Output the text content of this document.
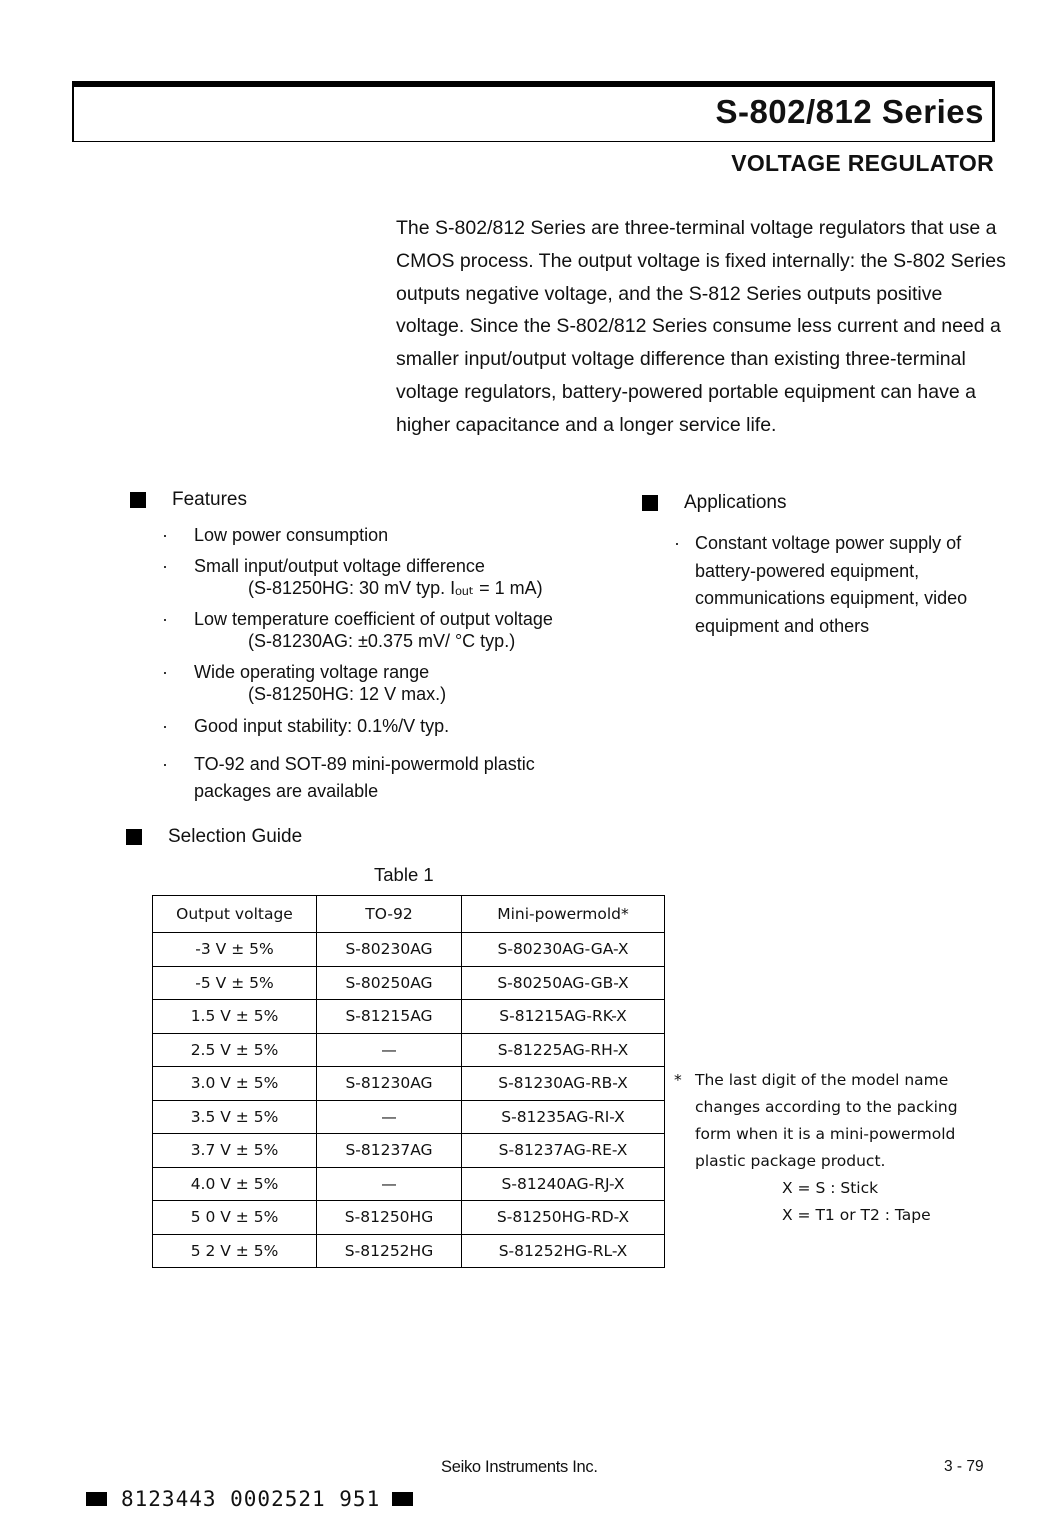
S-802/812 Series
VOLTAGE REGULATOR
The S-802/812 Series are three-terminal voltage regulators that use a CMOS process. The output voltage is fixed internally: the S-802 Series outputs negative voltage, and the S-812 Series outputs positive voltage. Since the S-802/812 Series consume less current and need a smaller input/output voltage difference than existing three-terminal voltage regulators, battery-powered portable equipment can have a higher capacitance and a longer service life.
Features
· Low power consumption
· Small input/output voltage difference
(S-81250HG: 30 mV typ. Iₒᵤₜ = 1 mA)
· Low temperature coefficient of output voltage
(S-81230AG: ±0.375 mV/ °C typ.)
· Wide operating voltage range
(S-81250HG: 12 V max.)
· Good input stability: 0.1%/V typ.
· TO-92 and SOT-89 mini-powermold plastic packages are available
Applications
· Constant voltage power supply of battery-powered equipment, communications equipment, video equipment and others
Selection Guide
Table 1
Output voltage	TO-92	Mini-powermold*
-3 V ± 5%	S-80230AG	S-80230AG-GA-X
-5 V ± 5%	S-80250AG	S-80250AG-GB-X
1.5 V ± 5%	S-81215AG	S-81215AG-RK-X
2.5 V ± 5%	—	S-81225AG-RH-X
3.0 V ± 5%	S-81230AG	S-81230AG-RB-X
3.5 V ± 5%	—	S-81235AG-RI-X
3.7 V ± 5%	S-81237AG	S-81237AG-RE-X
4.0 V ± 5%	—	S-81240AG-RJ-X
5 0 V ± 5%	S-81250HG	S-81250HG-RD-X
5 2 V ± 5%	S-81252HG	S-81252HG-RL-X
* The last digit of the model name changes according to the packing form when it is a mini-powermold plastic package product.
X = S : Stick
X = T1 or T2 : Tape
Seiko Instruments Inc.	3 - 79
8123443 0002521 951
